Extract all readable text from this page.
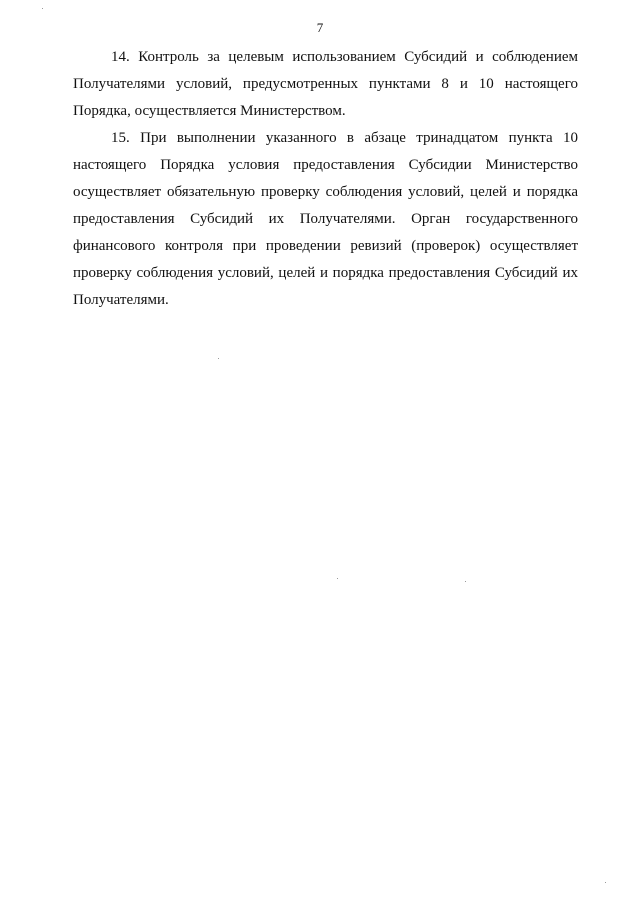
7

14. Контроль за целевым использованием Субсидий и соблюдением Получателями условий, предусмотренных пунктами 8 и 10 настоящего Порядка, осуществляется Министерством.

15. При выполнении указанного в абзаце тринадцатом пункта 10 настоящего Порядка условия предоставления Субсидии Министерство осуществляет обязательную проверку соблюдения условий, целей и порядка предоставления Субсидий их Получателями. Орган государственного финансового контроля при проведении ревизий (проверок) осуществляет проверку соблюдения условий, целей и порядка предоставления Субсидий их Получателями.
